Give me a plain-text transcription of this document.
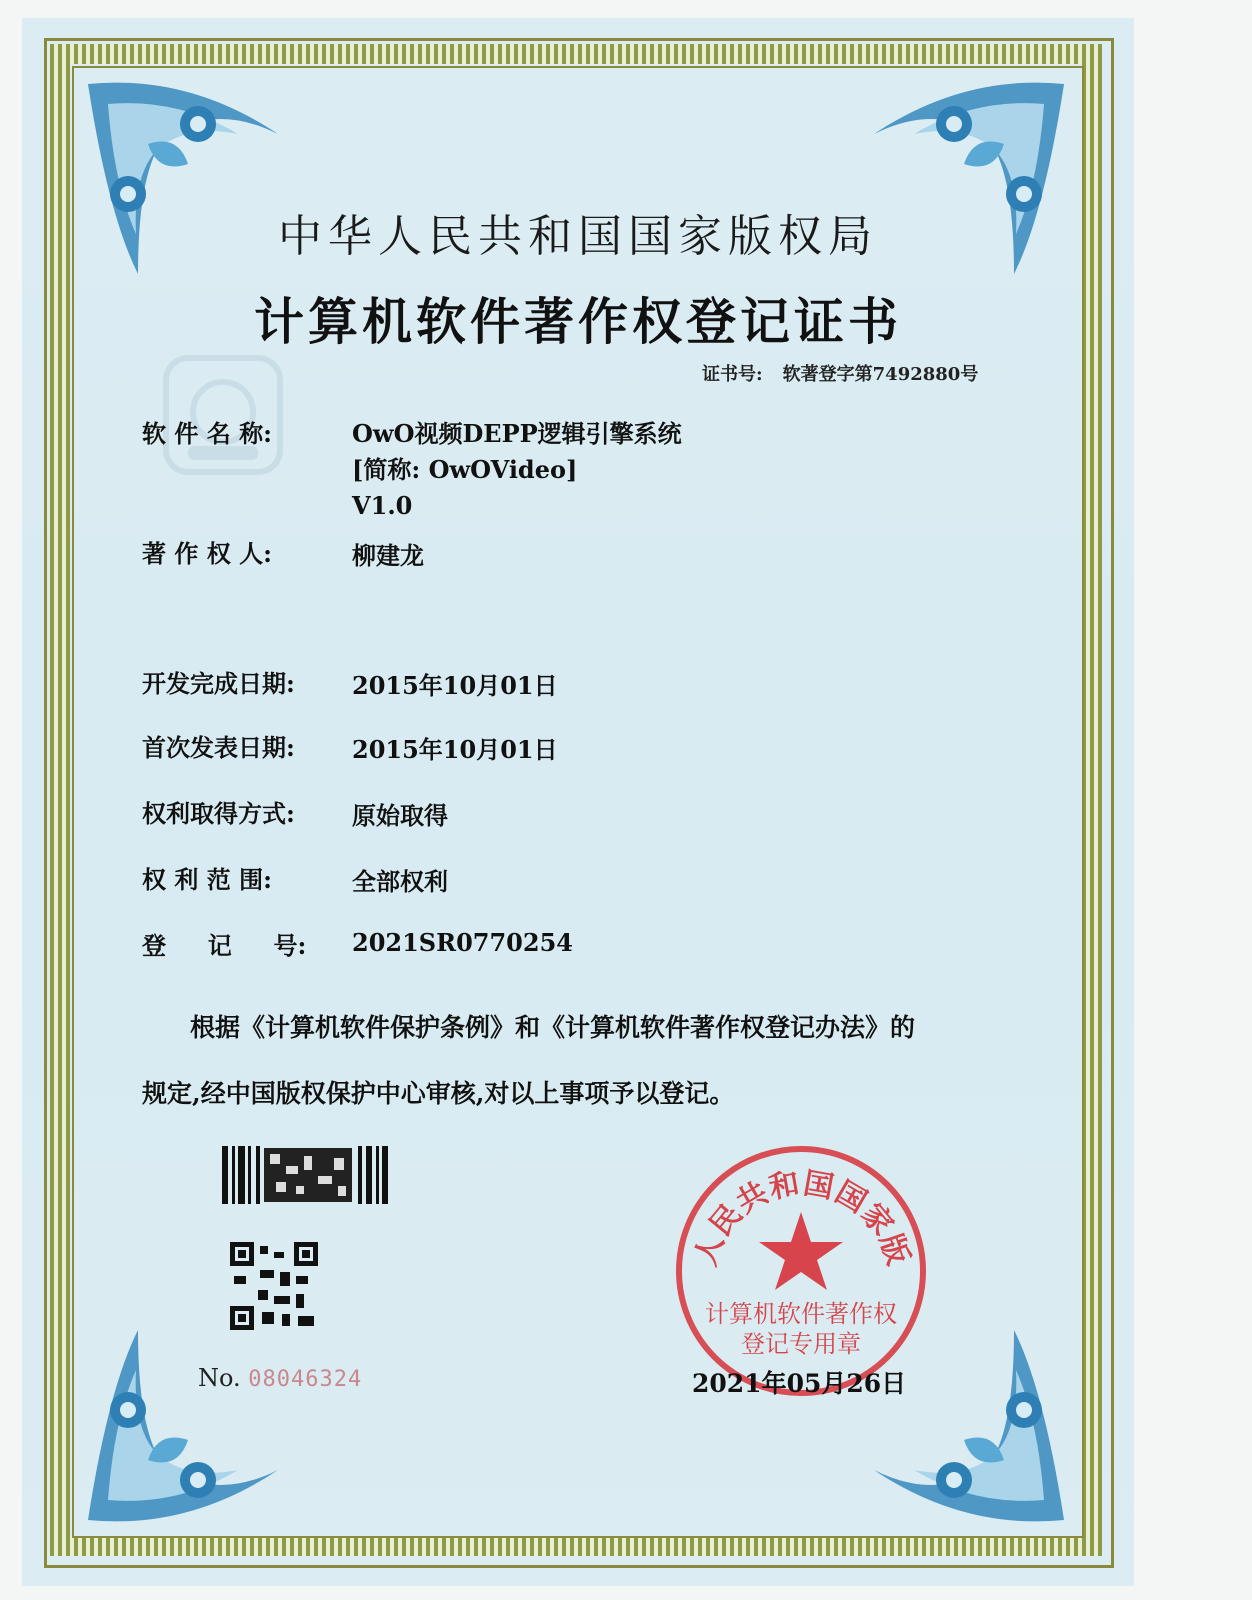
中华人民共和国国家版权局
计算机软件著作权登记证书
证书号: 软著登字第7492880号
软 件 名 称:	OwO视频DEPP逻辑引擎系统
[简称: OwOVideo]
V1.0
著 作 权 人:	柳建龙
开发完成日期: 2015年10月01日
首次发表日期: 2015年10月01日
权利取得方式: 原始取得
权 利 范 围:	全部权利
登     记     号: 2021SR0770254
根据《计算机软件保护条例》和《计算机软件著作权登记办法》的
规定,经中国版权保护中心审核,对以上事项予以登记。
No. 08046324
人民共和国国家版
计算机软件著作权
登记专用章
2021年05月26日
